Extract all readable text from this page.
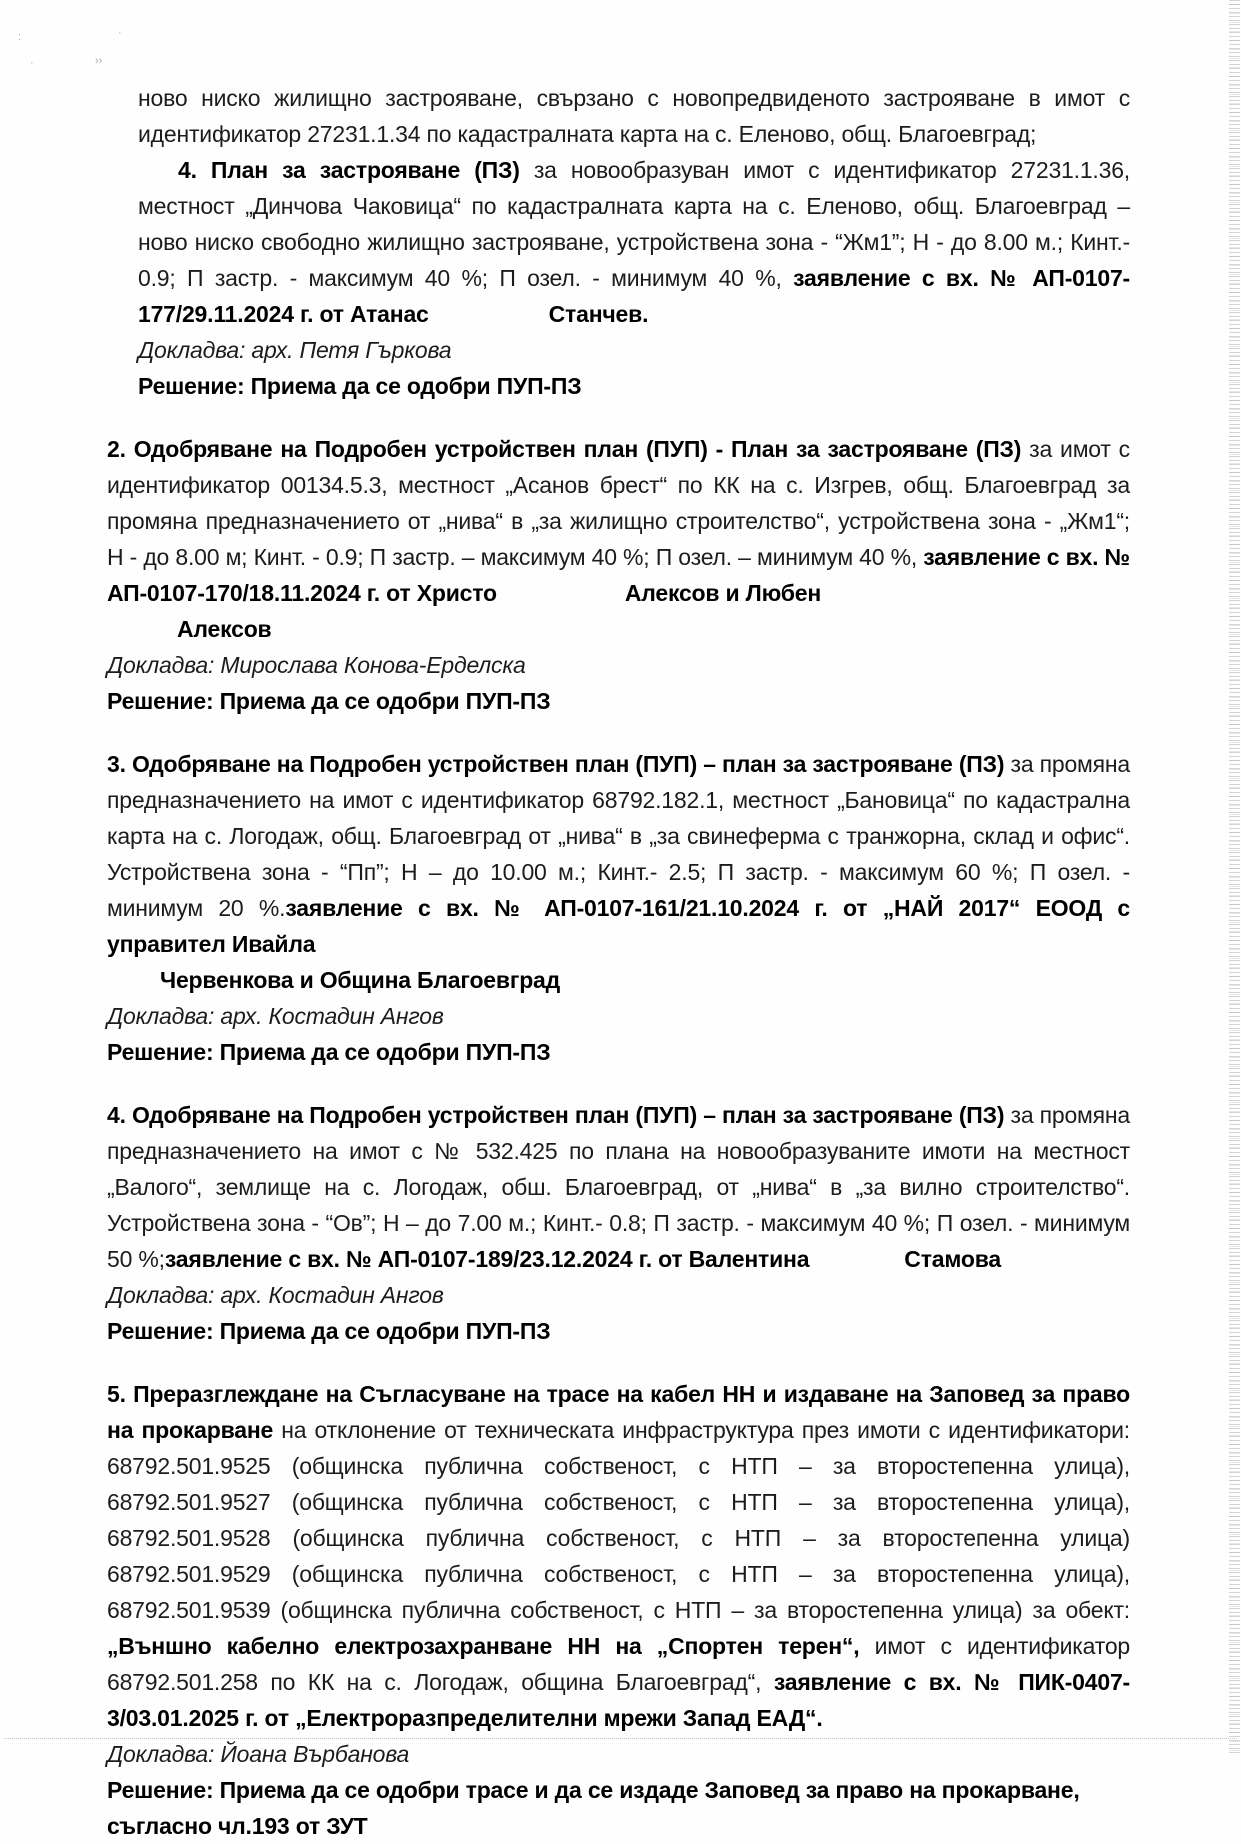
:	·
·	››

ново ниско жилищно застрояване, свързано с новопредвиденото застрояване в имот с идентификатор 27231.1.34 по кадастралната карта на с. Еленово, общ. Благоевград;

4. План за застрояване (ПЗ) за новообразуван имот с идентификатор 27231.1.36, местност „Динчова Чаковица“ по кадастралната карта на с. Еленово, общ. Благоевград – ново ниско свободно жилищно застрояване, устройствена зона - “Жм1”; Н - до 8.00 м.; Кинт.- 0.9; П застр. - максимум 40 %; П озел. - минимум 40 %, заявление с вх. № АП-0107-177/29.11.2024 г. от Атанас	Станчев.

Докладва: арх. Петя Гъркова

Решение: Приема да се одобри ПУП-ПЗ

2. Одобряване на Подробен устройствен план (ПУП) - План за застрояване (ПЗ) за имот с идентификатор 00134.5.3, местност „Асанов брест“ по КК на с. Изгрев, общ. Благоевград за промяна предназначението от „нива“ в „за жилищно строителство“, устройствена зона - „Жм1“; Н - до 8.00 м; Кинт. - 0.9; П застр. – максимум 40 %; П озел. – минимум 40 %, заявление с вх. № АП-0107-170/18.11.2024 г. от Христо	Алексов и Любен
Алексов

Докладва: Мирослава Конова-Ерделска

Решение: Приема да се одобри ПУП-ПЗ

3. Одобряване на Подробен устройствен план (ПУП) – план за застрояване (ПЗ) за промяна предназначението на имот с идентификатор 68792.182.1, местност „Бановица“ по кадастрална карта на с. Логодаж, общ. Благоевград от „нива“ в „за свинеферма с транжорна, склад и офис“. Устройствена зона - “Пп”; Н – до 10.00 м.; Кинт.- 2.5; П застр. - максимум 60 %; П озел. - минимум 20 %.заявление с вх. № АП-0107-161/21.10.2024 г. от „НАЙ 2017“ ЕООД с управител Ивайла
Червенкова и Община Благоевград

Докладва: арх. Костадин Ангов

Решение: Приема да се одобри ПУП-ПЗ

4. Одобряване на Подробен устройствен план (ПУП) – план за застрояване (ПЗ) за промяна предназначението на имот с № 532.425 по плана на новообразуваните имоти на местност „Валого“, землище на с. Логодаж, обш. Благоевград, от „нива“ в „за вилно строителство“. Устройствена зона - “Ов”; Н – до 7.00 м.; Кинт.- 0.8; П застр. - максимум 40 %; П озел. - минимум 50 %;заявление с вх. № АП-0107-189/23.12.2024 г. от Валентина	Стамова

Докладва: арх. Костадин Ангов

Решение: Приема да се одобри ПУП-ПЗ

5. Преразглеждане на Съгласуване на трасе на кабел НН и издаване на Заповед за право на прокарване на отклонение от техническата инфраструктура през имоти с идентификатори: 68792.501.9525 (общинска публична собственост, с НТП – за второстепенна улица), 68792.501.9527 (общинска публична собственост, с НТП – за второстепенна улица), 68792.501.9528 (общинска публична собственост, с НТП – за второстепенна улица) 68792.501.9529 (общинска публична собственост, с НТП – за второстепенна улица), 68792.501.9539 (общинска публична собственост, с НТП – за второстепенна улица) за обект: „Външно кабелно електрозахранване НН на „Спортен терен“, имот с идентификатор 68792.501.258 по КК на с. Логодаж, община Благоевград“, заявление с вх. № ПИК-0407-3/03.01.2025 г. от „Електроразпределителни мрежи Запад ЕАД“.

Докладва: Йоана Върбанова

Решение: Приема да се одобри трасе и да се издаде Заповед за право на прокарване, съгласно чл.193 от ЗУТ
